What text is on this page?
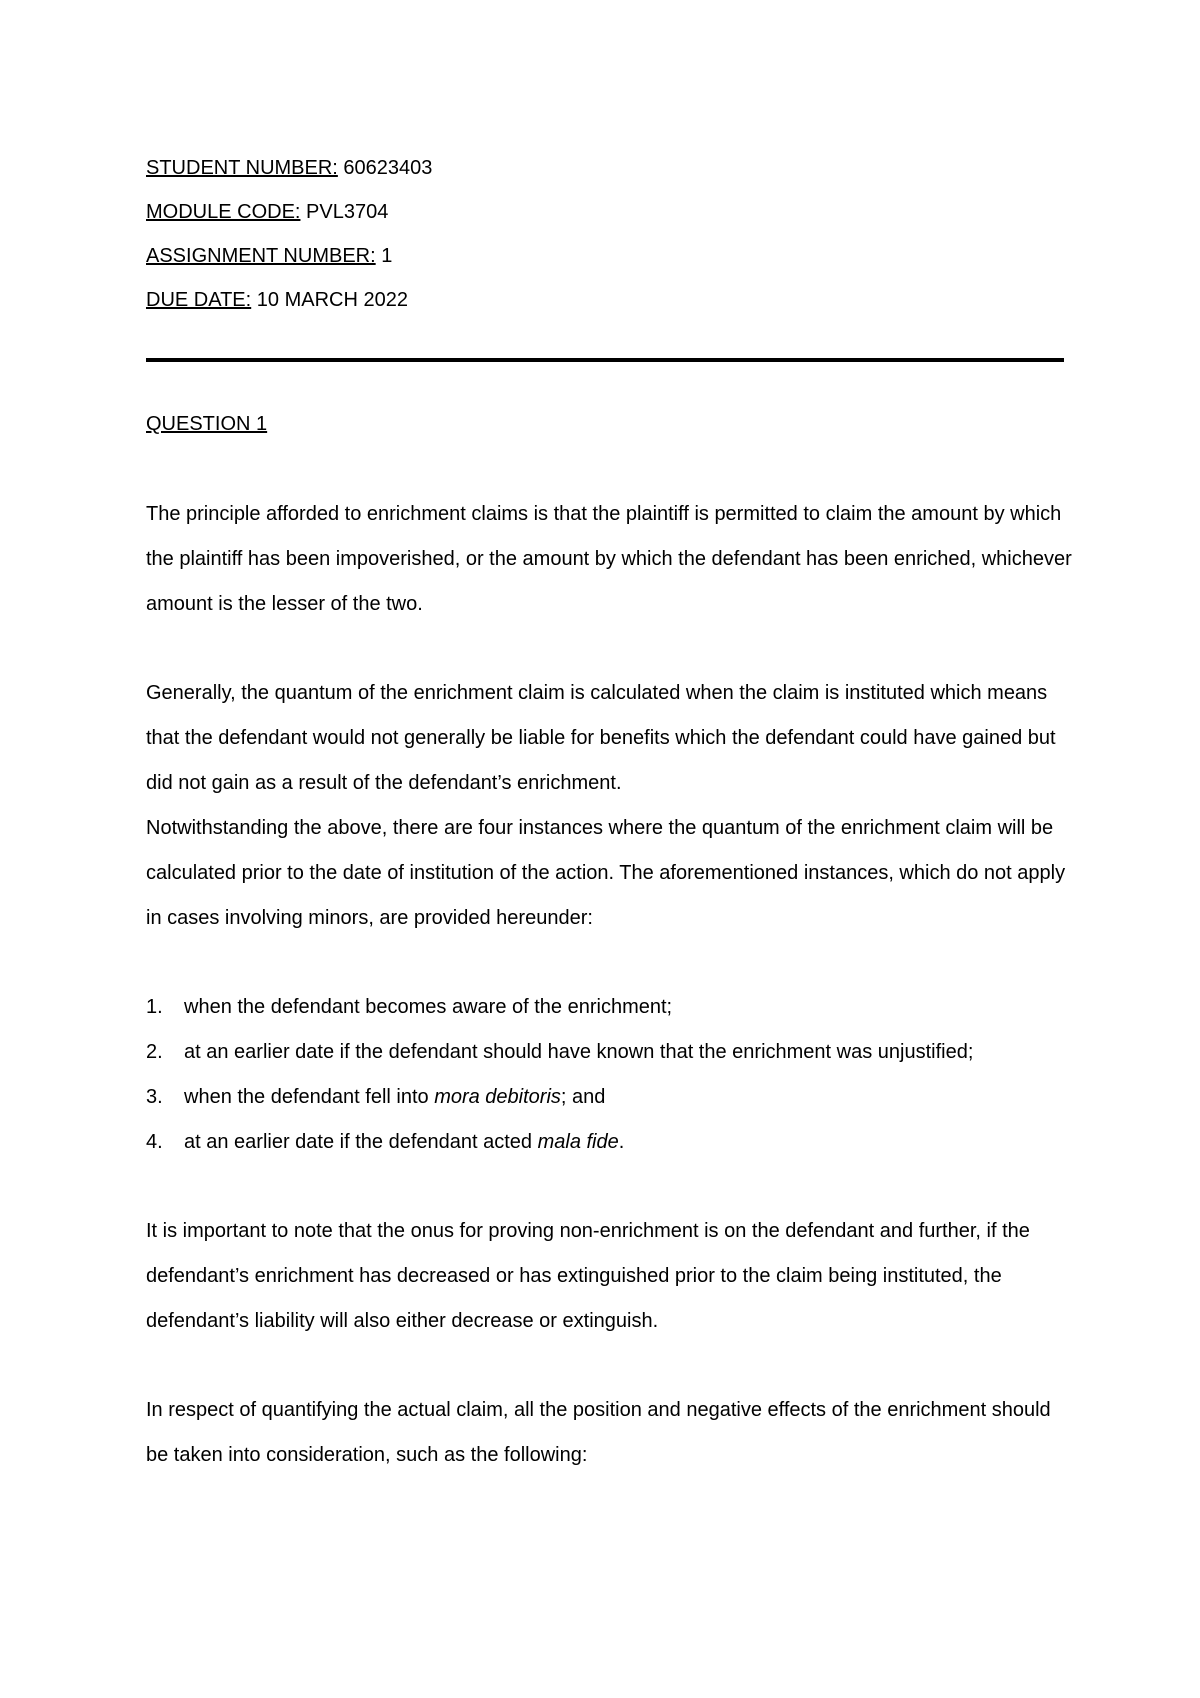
STUDENT NUMBER: 60623403
MODULE CODE: PVL3704
ASSIGNMENT NUMBER: 1
DUE DATE: 10 MARCH 2022
QUESTION 1

The principle afforded to enrichment claims is that the plaintiff is permitted to claim the amount by which the plaintiff has been impoverished, or the amount by which the defendant has been enriched, whichever amount is the lesser of the two.

Generally, the quantum of the enrichment claim is calculated when the claim is instituted which means that the defendant would not generally be liable for benefits which the defendant could have gained but did not gain as a result of the defendant’s enrichment.

Notwithstanding the above, there are four instances where the quantum of the enrichment claim will be calculated prior to the date of institution of the action. The aforementioned instances, which do not apply in cases involving minors, are provided hereunder:

1. when the defendant becomes aware of the enrichment;
2. at an earlier date if the defendant should have known that the enrichment was unjustified;
3. when the defendant fell into mora debitoris; and
4. at an earlier date if the defendant acted mala fide.

It is important to note that the onus for proving non-enrichment is on the defendant and further, if the defendant’s enrichment has decreased or has extinguished prior to the claim being instituted, the defendant’s liability will also either decrease or extinguish.

In respect of quantifying the actual claim, all the position and negative effects of the enrichment should be taken into consideration, such as the following:
